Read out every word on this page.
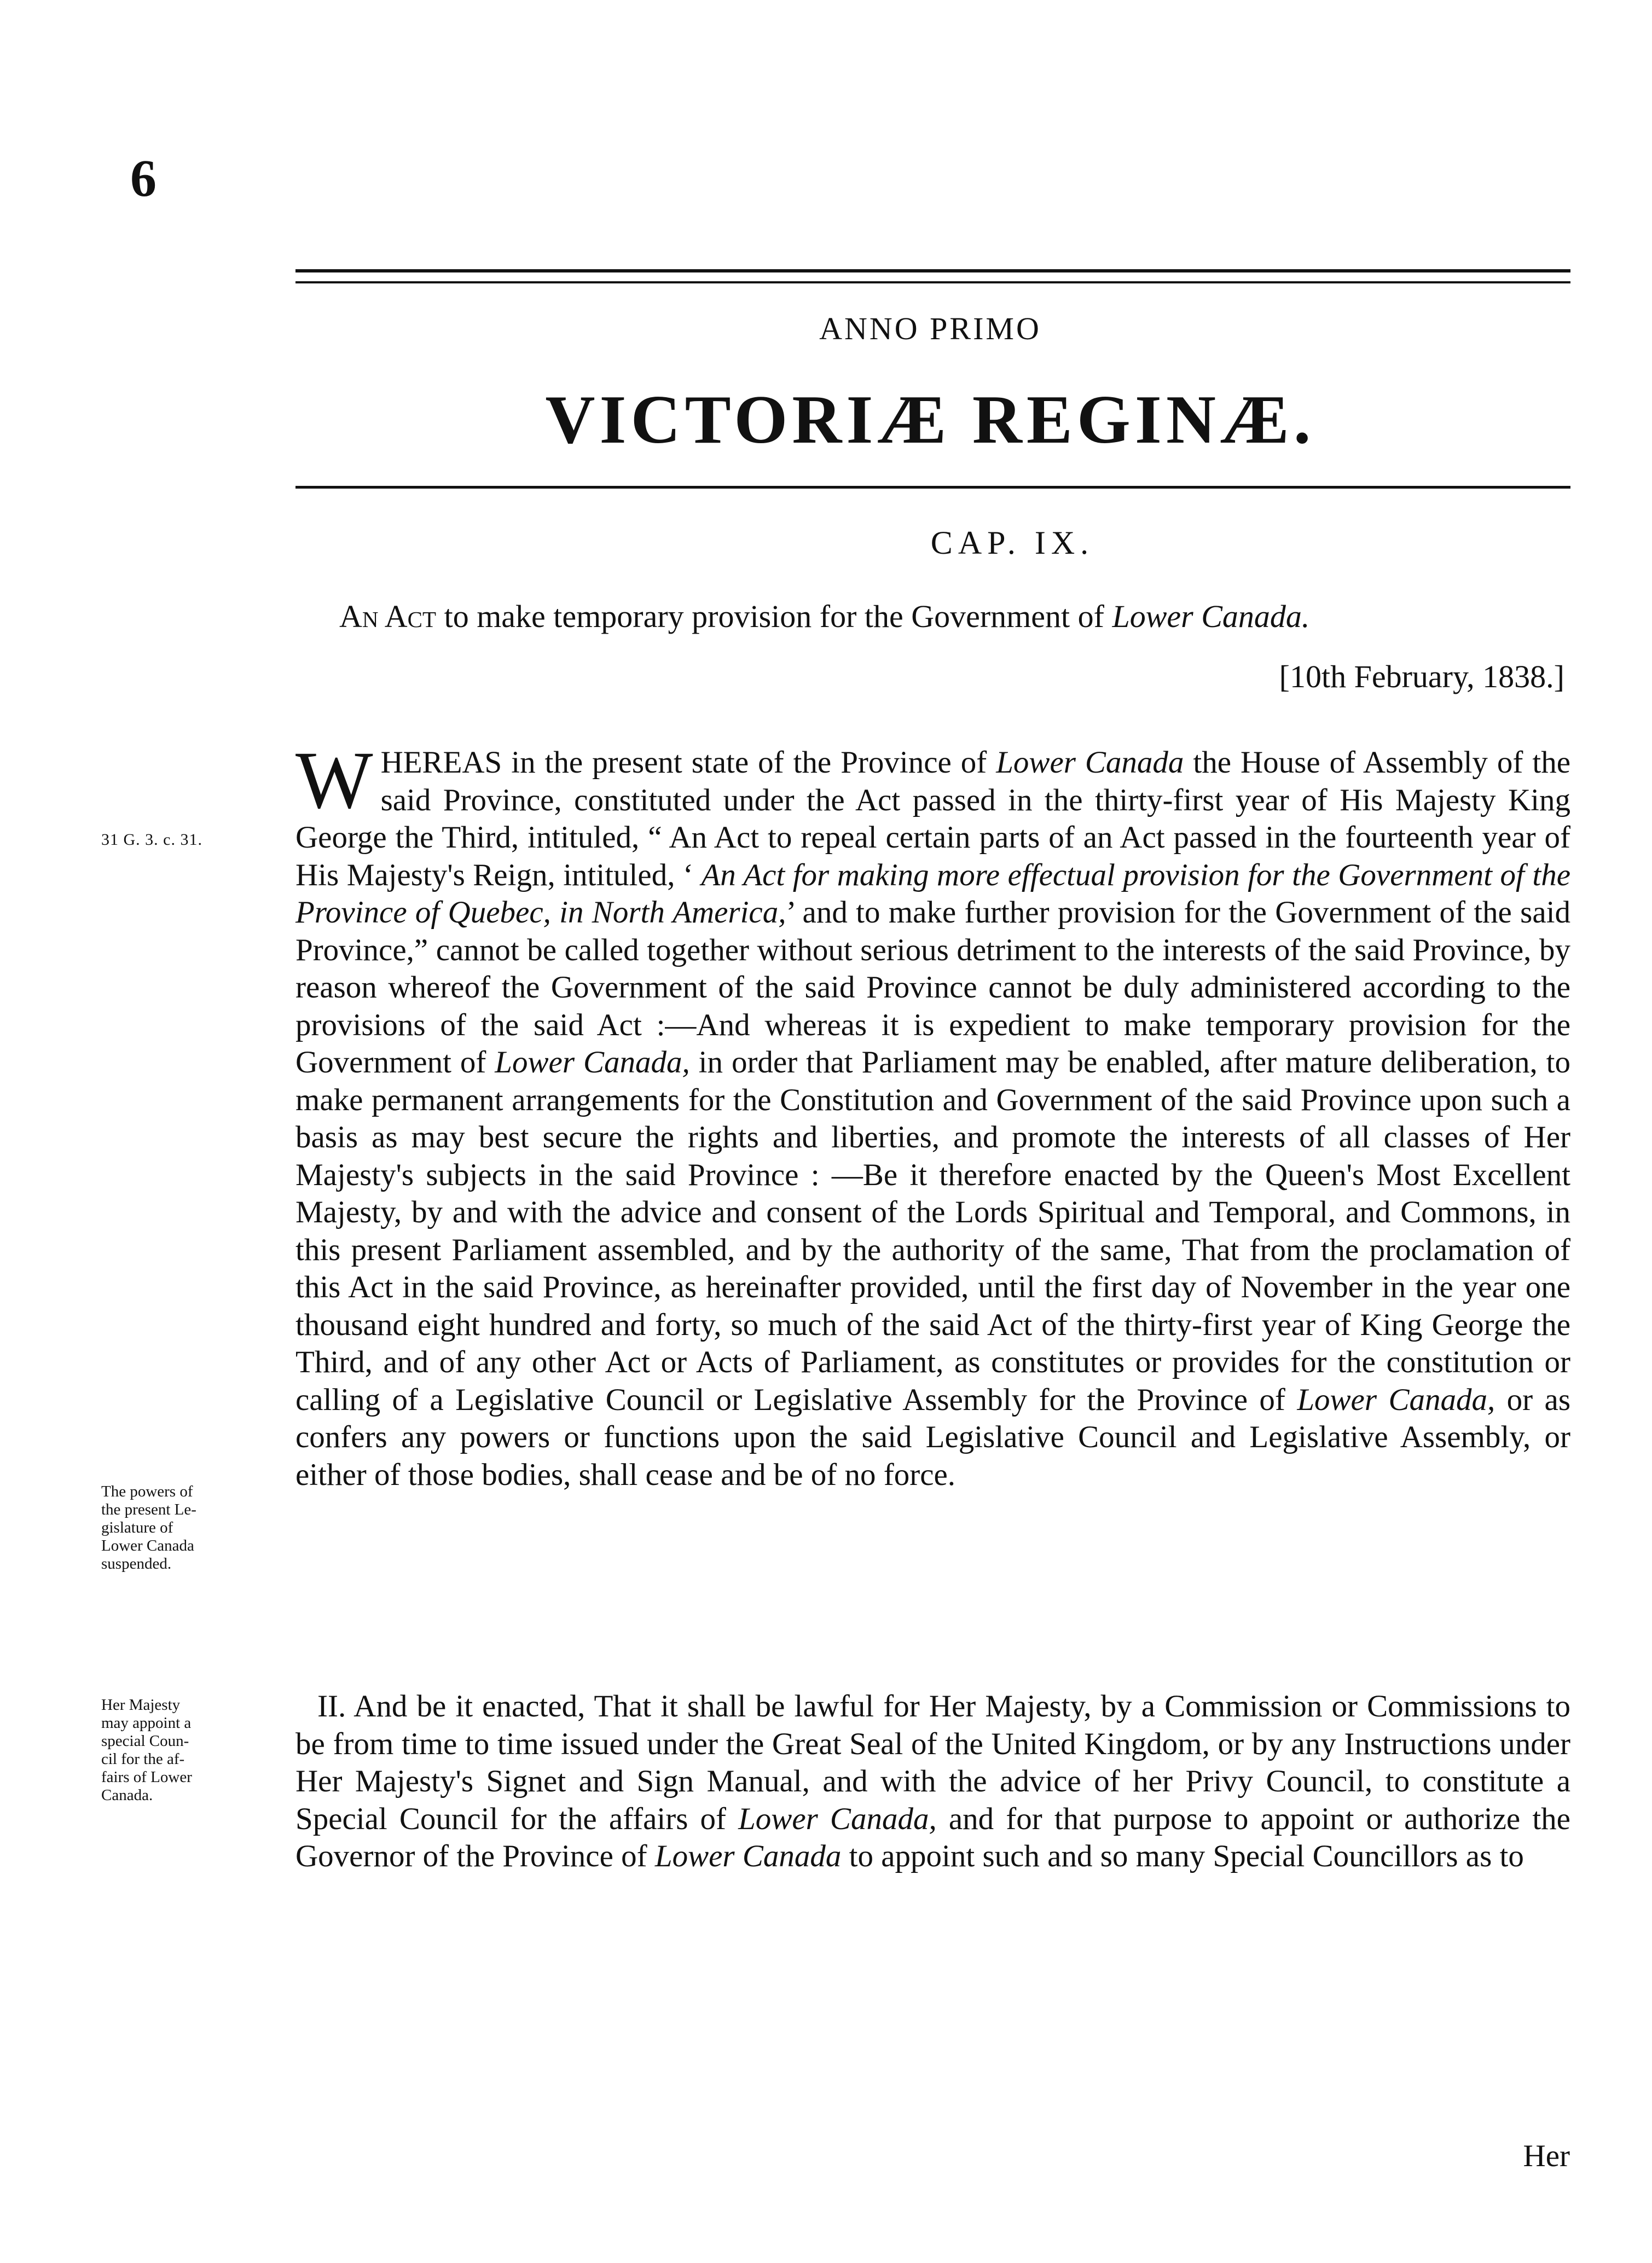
6
ANNO PRIMO
VICTORIÆ REGINÆ.
CAP. IX.
An Act to make temporary provision for the Government of Lower Canada.
[10th February, 1838.]
31 G. 3. c. 31.
The powers of
the present Le-
gislature of
Lower Canada
suspended.
Her Majesty
may appoint a
special Coun-
cil for the af-
fairs of Lower
Canada.
WHEREAS in the present state of the Province of Lower Canada the House of Assembly of the said Province, constituted under the Act passed in the thirty-first year of His Majesty King George the Third, intituled, “ An Act to repeal certain parts of an Act passed in the fourteenth year of His Majesty's Reign, intituled, ‘ An Act for making more effectual provision for the Government of the Province of Quebec, in North America,’ and to make further provision for the Government of the said Province,” cannot be called together without serious detriment to the interests of the said Province, by reason whereof the Government of the said Province cannot be duly administered according to the provisions of the said Act :—And whereas it is expedient to make temporary provision for the Government of Lower Canada, in order that Parliament may be enabled, after mature deliberation, to make permanent arrangements for the Constitution and Government of the said Province upon such a basis as may best secure the rights and liberties, and promote the interests of all classes of Her Majesty's subjects in the said Province : —Be it therefore enacted by the Queen's Most Excellent Majesty, by and with the advice and consent of the Lords Spiritual and Temporal, and Commons, in this present Parliament assembled, and by the authority of the same, That from the proclamation of this Act in the said Province, as hereinafter provided, until the first day of November in the year one thousand eight hundred and forty, so much of the said Act of the thirty-first year of King George the Third, and of any other Act or Acts of Parliament, as constitutes or provides for the constitution or calling of a Legislative Council or Legislative Assembly for the Province of Lower Canada, or as confers any powers or functions upon the said Legislative Council and Legislative Assembly, or either of those bodies, shall cease and be of no force.
II. And be it enacted, That it shall be lawful for Her Majesty, by a Commission or Commissions to be from time to time issued under the Great Seal of the United Kingdom, or by any Instructions under Her Majesty's Signet and Sign Manual, and with the advice of her Privy Council, to constitute a Special Council for the affairs of Lower Canada, and for that purpose to appoint or authorize the Governor of the Province of Lower Canada to appoint such and so many Special Councillors as to
Her
